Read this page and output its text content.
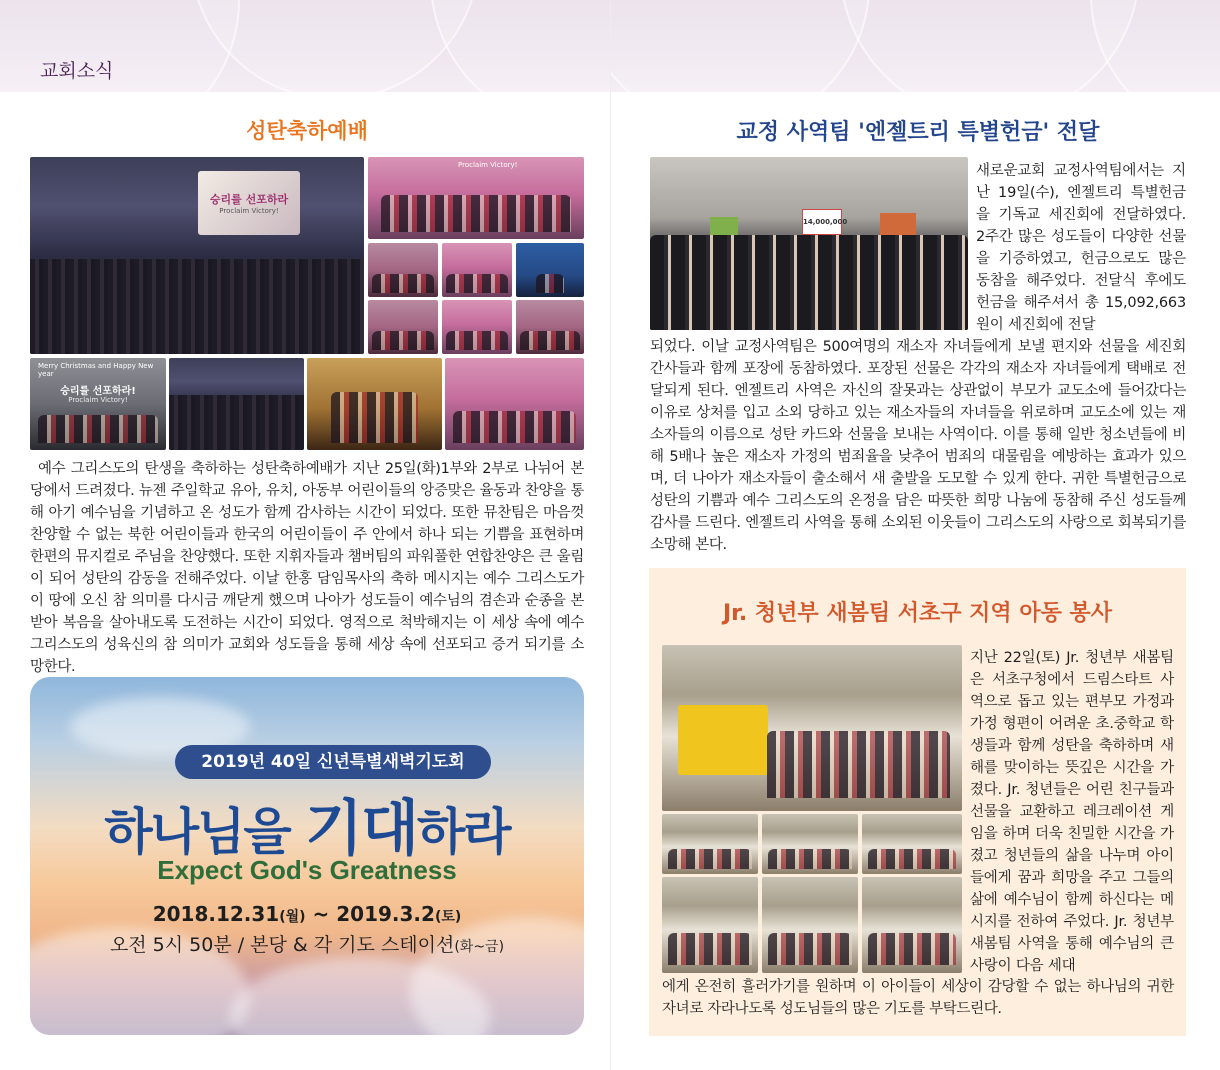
교회소식
성탄축하예배
승리를 선포하라
Proclaim Victory!
Proclaim Victory!
Merry Christmas and Happy New year
승리를 선포하라!
Proclaim Victory!

예수 그리스도의 탄생을 축하하는 성탄축하예배가 지난 25일(화)1부와 2부로 나뉘어 본당에서 드려졌다. 뉴젠 주일학교 유아, 유치, 아동부 어린이들의 앙증맞은 율동과 찬양을 통해 아기 예수님을 기념하고 온 성도가 함께 감사하는 시간이 되었다. 또한 뮤찬팀은 마음껏 찬양할 수 없는 북한 어린이들과 한국의 어린이들이 주 안에서 하나 되는 기쁨을 표현하며 한편의 뮤지컬로 주님을 찬양했다. 또한 지휘자들과 챔버팀의 파워풀한 연합찬양은 큰 울림이 되어 성탄의 감동을 전해주었다. 이날 한홍 담임목사의 축하 메시지는 예수 그리스도가 이 땅에 오신 참 의미를 다시금 깨닫게 했으며 나아가 성도들이 예수님의 겸손과 순종을 본받아 복음을 살아내도록 도전하는 시간이 되었다. 영적으로 척박해지는 이 세상 속에 예수 그리스도의 성육신의 참 의미가 교회와 성도들을 통해 세상 속에 선포되고 증거 되기를 소망한다.

2019년 40일 신년특별새벽기도회
하나님을 기대하라
Expect God's Greatness
2018.12.31(월) ~ 2019.3.2(토)
오전 5시 50분 / 본당 & 각 기도 스테이션(화~금)
교정 사역팀 '엔젤트리 특별헌금' 전달
14,000,000
새로운교회 교정사역팀에서는 지난 19일(수), 엔젤트리 특별헌금을 기독교 세진회에 전달하였다. 2주간 많은 성도들이 다양한 선물을 기증하였고, 헌금으로도 많은 동참을 해주었다. 전달식 후에도 헌금을 해주셔서 총 15,092,663원이 세진회에 전달
되었다. 이날 교정사역팀은 500여명의 재소자 자녀들에게 보낼 편지와 선물을 세진회 간사들과 함께 포장에 동참하였다. 포장된 선물은 각각의 재소자 자녀들에게 택배로 전달되게 된다. 엔젤트리 사역은 자신의 잘못과는 상관없이 부모가 교도소에 들어갔다는 이유로 상처를 입고 소외 당하고 있는 재소자들의 자녀들을 위로하며 교도소에 있는 재소자들의 이름으로 성탄 카드와 선물을 보내는 사역이다. 이를 통해 일반 청소년들에 비해 5배나 높은 재소자 가정의 범죄율을 낮추어 범죄의 대물림을 예방하는 효과가 있으며, 더 나아가 재소자들이 출소해서 새 출발을 도모할 수 있게 한다. 귀한 특별헌금으로 성탄의 기쁨과 예수 그리스도의 온정을 담은 따뜻한 희망 나눔에 동참해 주신 성도들께 감사를 드린다. 엔젤트리 사역을 통해 소외된 이웃들이 그리스도의 사랑으로 회복되기를 소망해 본다.
Jr. 청년부 새봄팀 서초구 지역 아동 봉사
지난 22일(토) Jr. 청년부 새봄팀은 서초구청에서 드림스타트 사역으로 돕고 있는 편부모 가정과 가정 형편이 어려운 초.중학교 학생들과 함께 성탄을 축하하며 새해를 맞이하는 뜻깊은 시간을 가졌다. Jr. 청년들은 어린 친구들과 선물을 교환하고 레크레이션 게임을 하며 더욱 친밀한 시간을 가졌고 청년들의 삶을 나누며 아이들에게 꿈과 희망을 주고 그들의 삶에 예수님이 함께 하신다는 메시지를 전하여 주었다. Jr. 청년부 새봄팀 사역을 통해 예수님의 큰 사랑이 다음 세대
에게 온전히 흘러가기를 원하며 이 아이들이 세상이 감당할 수 없는 하나님의 귀한 자녀로 자라나도록 성도님들의 많은 기도를 부탁드린다.
